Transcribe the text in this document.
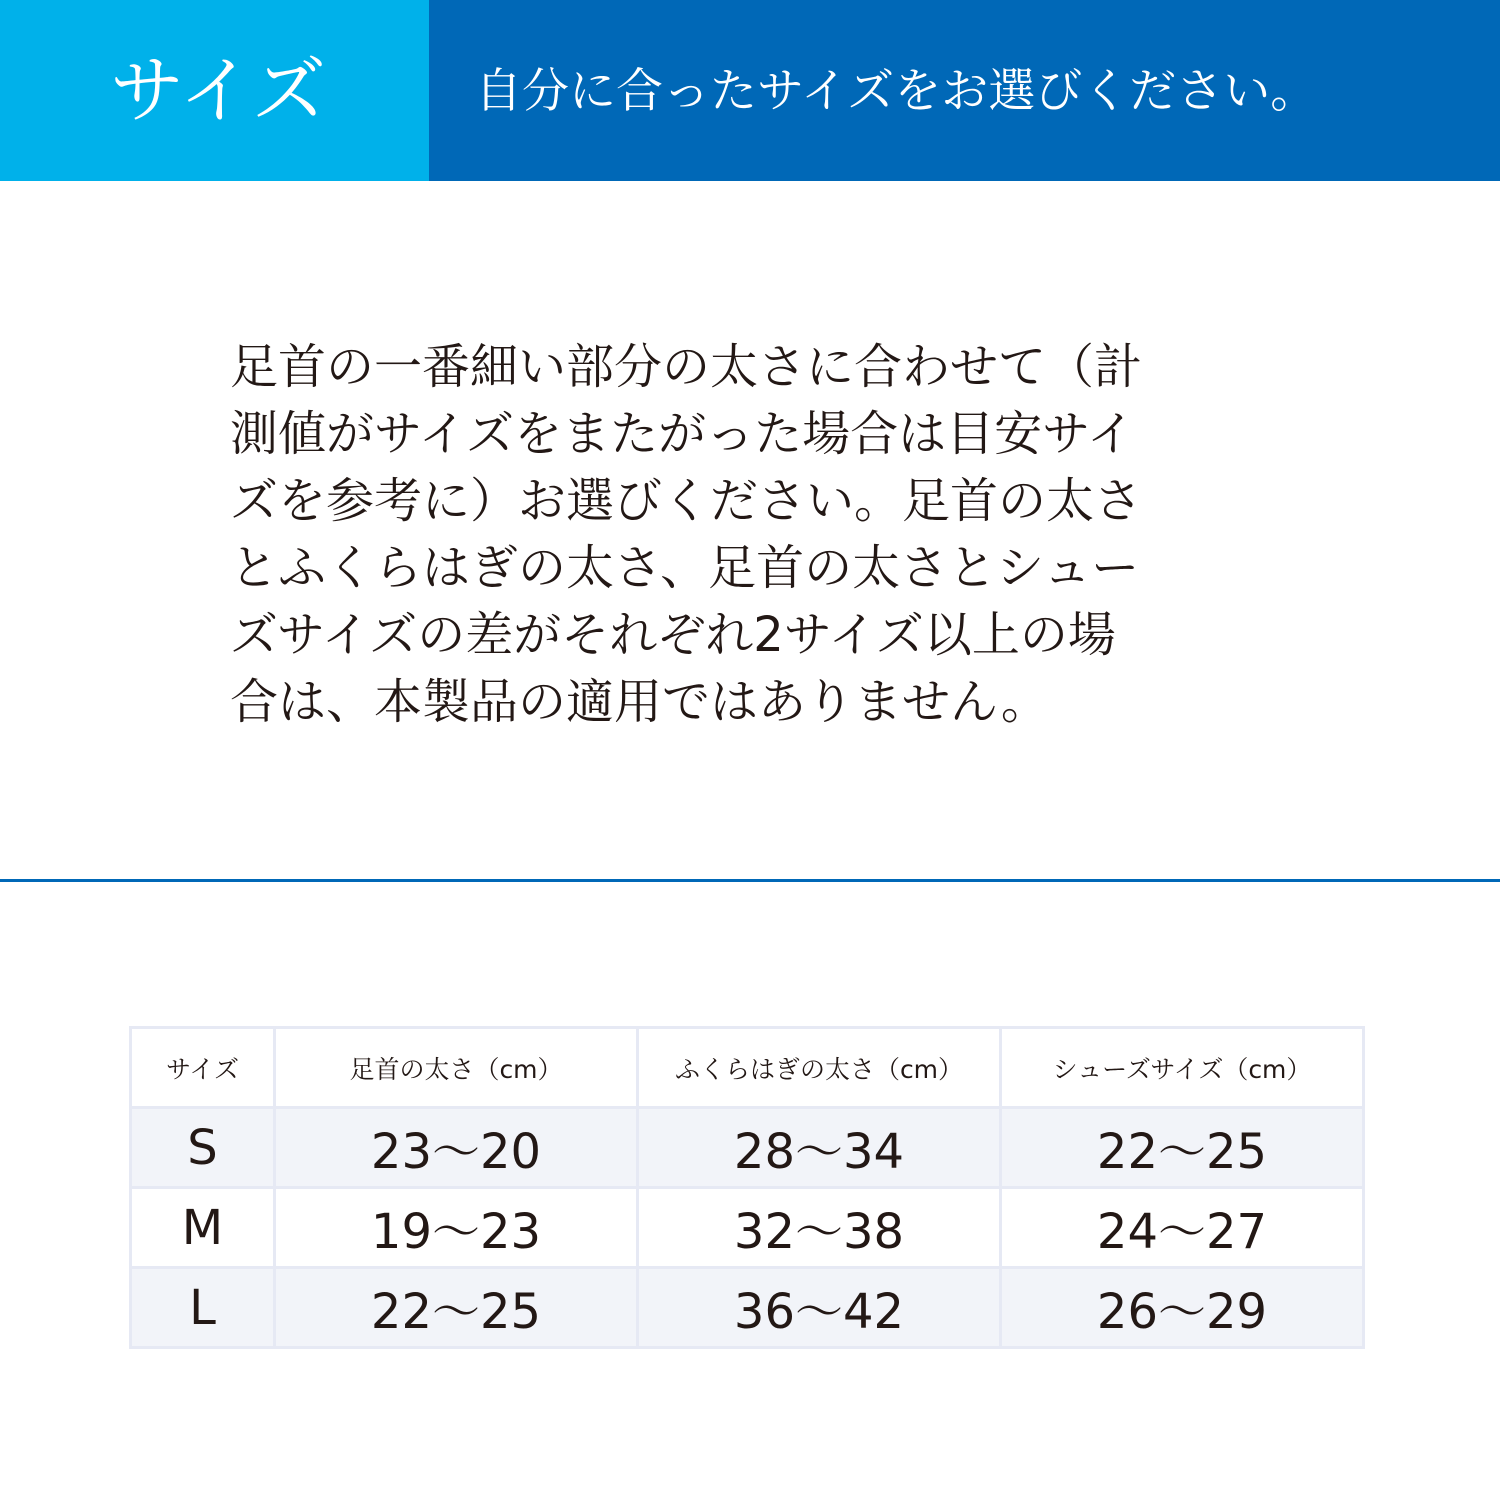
サイズ	自分に合ったサイズをお選びください。

足首の一番細い部分の太さに合わせて（計

測値がサイズをまたがった場合は目安サイ

ズを参考に）お選びください。足首の太さ

とふくらはぎの太さ、足首の太さとシュー

ズサイズの差がそれぞれ2サイズ以上の場

合は、本製品の適用ではありません。

サイズ	足首の太さ（cm）	ふくらはぎの太さ（cm）	シューズサイズ（cm）
S	23〜20	28〜34	22〜25
M	19〜23	32〜38	24〜27
L	22〜25	36〜42	26〜29
